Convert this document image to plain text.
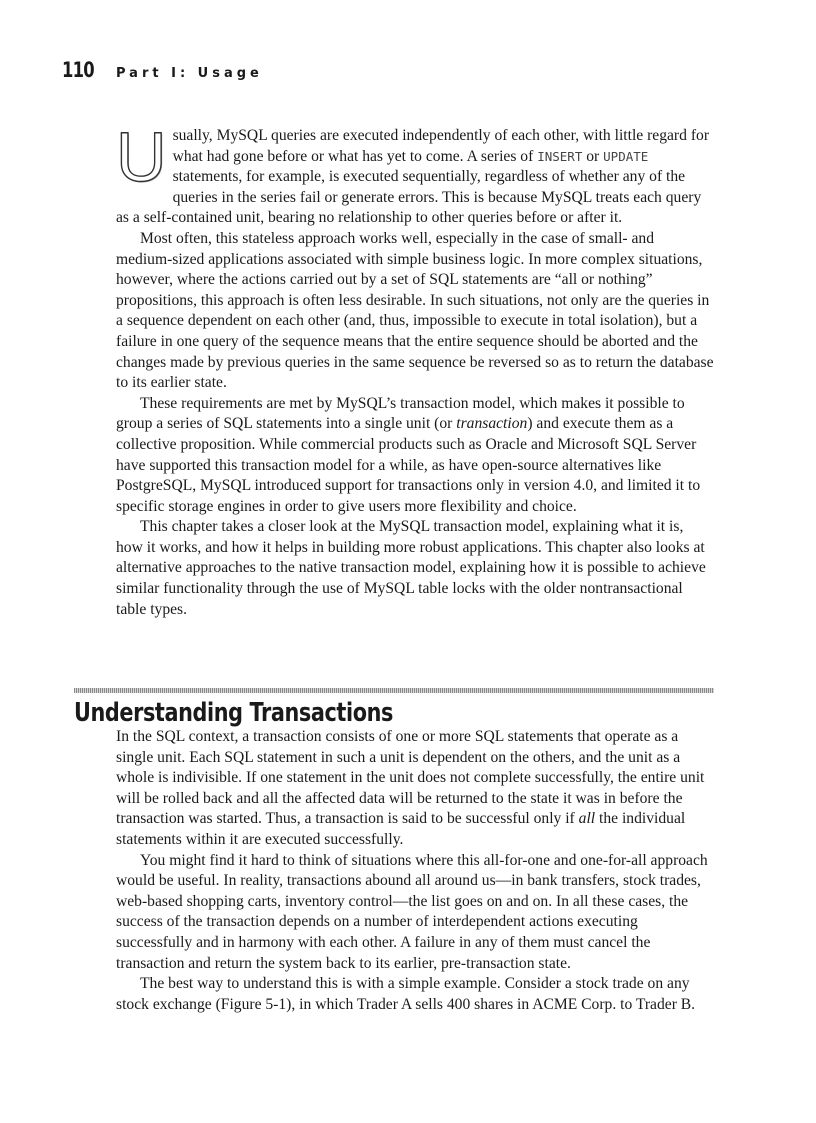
110 Part I: Usage

Usually, MySQL queries are executed independently of each other, with little regard for what had gone before or what has yet to come. A series of INSERT or UPDATE statements, for example, is executed sequentially, regardless of whether any of the queries in the series fail or generate errors. This is because MySQL treats each query as a self-contained unit, bearing no relationship to other queries before or after it.

Most often, this stateless approach works well, especially in the case of small- and medium-sized applications associated with simple business logic. In more complex situations, however, where the actions carried out by a set of SQL statements are “all or nothing” propositions, this approach is often less desirable. In such situations, not only are the queries in a sequence dependent on each other (and, thus, impossible to execute in total isolation), but a failure in one query of the sequence means that the entire sequence should be aborted and the changes made by previous queries in the same sequence be reversed so as to return the database to its earlier state.

These requirements are met by MySQL’s transaction model, which makes it possible to group a series of SQL statements into a single unit (or transaction) and execute them as a collective proposition. While commercial products such as Oracle and Microsoft SQL Server have supported this transaction model for a while, as have open-source alternatives like PostgreSQL, MySQL introduced support for transactions only in version 4.0, and limited it to specific storage engines in order to give users more flexibility and choice.

This chapter takes a closer look at the MySQL transaction model, explaining what it is, how it works, and how it helps in building more robust applications. This chapter also looks at alternative approaches to the native transaction model, explaining how it is possible to achieve similar functionality through the use of MySQL table locks with the older nontransactional table types.

Understanding Transactions

In the SQL context, a transaction consists of one or more SQL statements that operate as a single unit. Each SQL statement in such a unit is dependent on the others, and the unit as a whole is indivisible. If one statement in the unit does not complete successfully, the entire unit will be rolled back and all the affected data will be returned to the state it was in before the transaction was started. Thus, a transaction is said to be successful only if all the individual statements within it are executed successfully.

You might find it hard to think of situations where this all-for-one and one-for-all approach would be useful. In reality, transactions abound all around us—in bank transfers, stock trades, web-based shopping carts, inventory control—the list goes on and on. In all these cases, the success of the transaction depends on a number of interdependent actions executing successfully and in harmony with each other. A failure in any of them must cancel the transaction and return the system back to its earlier, pre-transaction state.

The best way to understand this is with a simple example. Consider a stock trade on any stock exchange (Figure 5-1), in which Trader A sells 400 shares in ACME Corp. to Trader B.
